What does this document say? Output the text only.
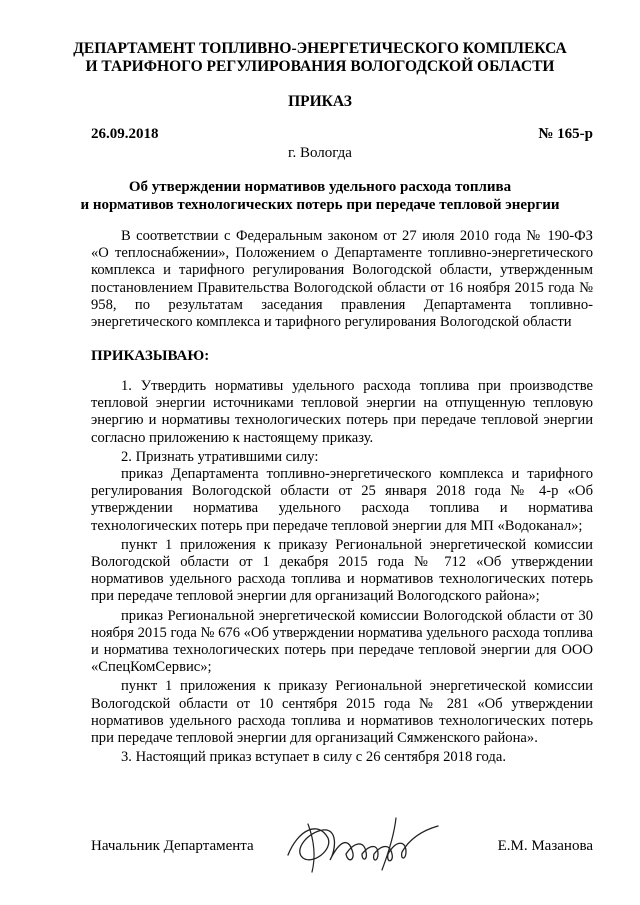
ДЕПАРТАМЕНТ ТОПЛИВНО-ЭНЕРГЕТИЧЕСКОГО КОМПЛЕКСА
И ТАРИФНОГО РЕГУЛИРОВАНИЯ ВОЛОГОДСКОЙ ОБЛАСТИ
ПРИКАЗ
26.09.2018	№ 165-р
г. Вологда
Об утверждении нормативов удельного расхода топлива
и нормативов технологических потерь при передаче тепловой энергии
В соответствии с Федеральным законом от 27 июля 2010 года № 190-ФЗ «О теплоснабжении», Положением о Департаменте топливно-энергетического комплекса и тарифного регулирования Вологодской области, утвержденным постановлением Правительства Вологодской области от 16 ноября 2015 года № 958, по результатам заседания правления Департамента топливно-энергетического комплекса и тарифного регулирования Вологодской области
ПРИКАЗЫВАЮ:

1. Утвердить нормативы удельного расхода топлива при производстве тепловой энергии источниками тепловой энергии на отпущенную тепловую энергию и нормативы технологических потерь при передаче тепловой энергии согласно приложению к настоящему приказу.

2. Признать утратившими силу:

приказ Департамента топливно-энергетического комплекса и тарифного регулирования Вологодской области от 25 января 2018 года № 4-р «Об утверждении норматива удельного расхода топлива и норматива технологических потерь при передаче тепловой энергии для МП «Водоканал»;

пункт 1 приложения к приказу Региональной энергетической комиссии Вологодской области от 1 декабря 2015 года № 712 «Об утверждении нормативов удельного расхода топлива и нормативов технологических потерь при передаче тепловой энергии для организаций Вологодского района»;

приказ Региональной энергетической комиссии Вологодской области от 30 ноября 2015 года № 676 «Об утверждении норматива удельного расхода топлива и норматива технологических потерь при передаче тепловой энергии для ООО «СпецКомСервис»;

пункт 1 приложения к приказу Региональной энергетической комиссии Вологодской области от 10 сентября 2015 года № 281 «Об утверждении нормативов удельного расхода топлива и нормативов технологических потерь при передаче тепловой энергии для организаций Сямженского района».

3. Настоящий приказ вступает в силу с 26 сентября 2018 года.

Начальник Департамента	Е.М. Мазанова
